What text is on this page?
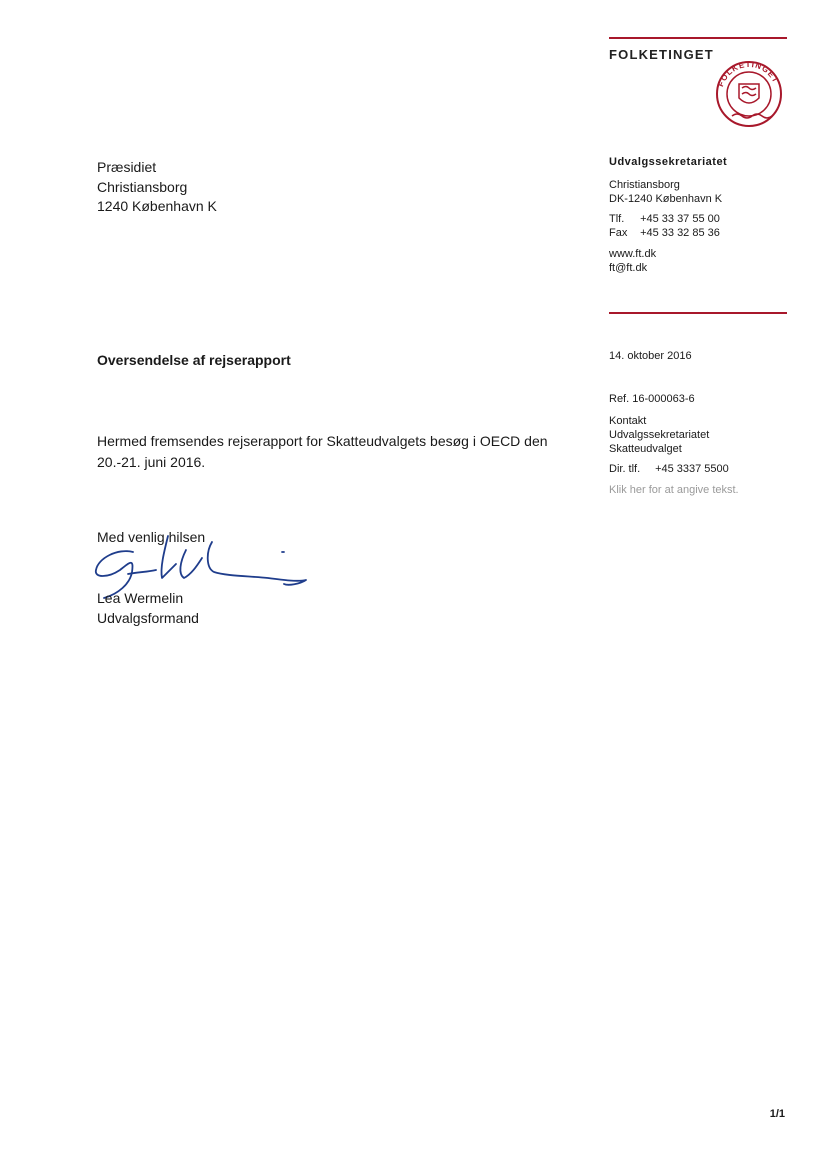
FOLKETINGET
FOLKETINGET
Præsidiet
Christiansborg
1240 København K
Udvalgssekretariatet
Christiansborg
DK-1240 København K
Tlf. +45 33 37 55 00
Fax +45 33 32 85 36
www.ft.dk
ft@ft.dk
14. oktober 2016
Ref. 16-000063-6
Kontakt
Udvalgssekretariatet
Skatteudvalget
Dir. tlf. +45 3337 5500
Klik her for at angive tekst.
Oversendelse af rejserapport
Hermed fremsendes rejserapport for Skatteudvalgets besøg i OECD den 20.-21. juni 2016.
Med venlig hilsen
Lea Wermelin
Udvalgsformand
1/1
